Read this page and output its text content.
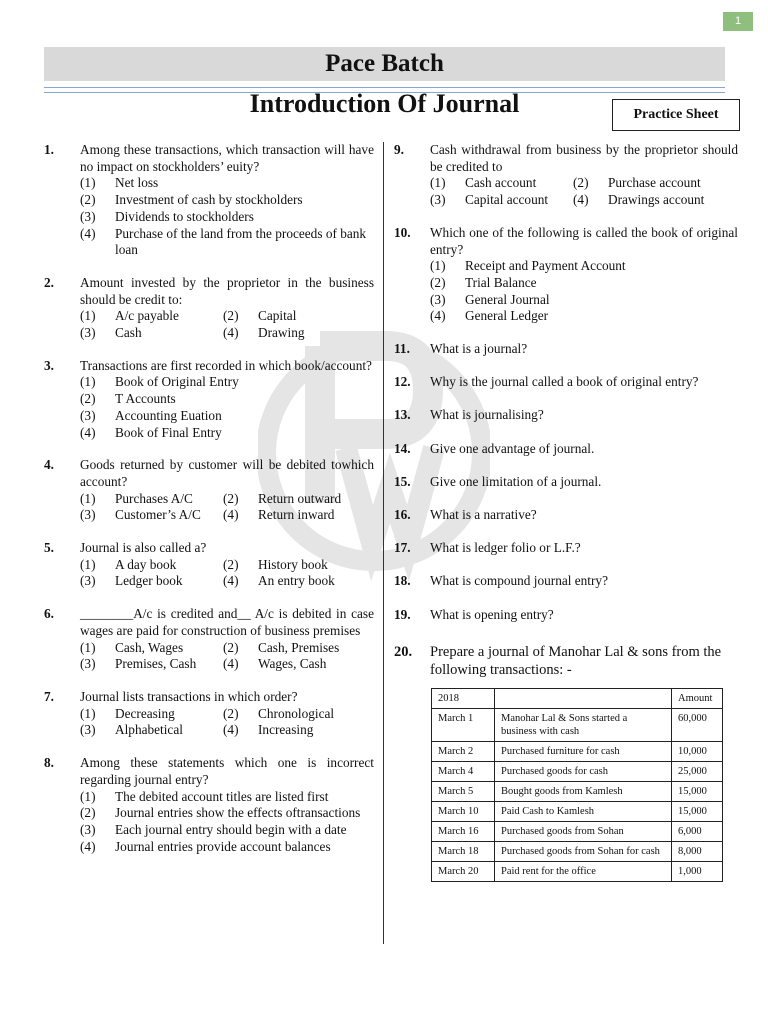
1
Pace Batch
Introduction Of Journal	Practice Sheet
1.	Among these transactions, which transaction will have no impact on stockholders’ euity?
(1)	Net loss
(2)	Investment of cash by stockholders
(3)	Dividends to stockholders
(4)	Purchase of the land from the proceeds of bank loan
2.	Amount invested by the proprietor in the business should be credit to:
(1)	A/c payable	(2)	Capital
(3)	Cash	(4)	Drawing
3.	Transactions are first recorded in which book/account?
(1)	Book of Original Entry
(2)	T Accounts
(3)	Accounting Euation
(4)	Book of Final Entry
4.	Goods returned by customer will be debited towhich account?
(1)	Purchases A/C	(2)	Return outward
(3)	Customer’s A/C	(4)	Return inward
5.	Journal is also called a?
(1)	A day book	(2)	History book
(3)	Ledger book	(4)	An entry book
6.	________A/c is credited and__ A/c is debited in case wages are paid for construction of business premises
(1)	Cash, Wages	(2)	Cash, Premises
(3)	Premises, Cash	(4)	Wages, Cash
7.	Journal lists transactions in which order?
(1)	Decreasing	(2)	Chronological
(3)	Alphabetical	(4)	Increasing
8.	Among these statements which one is incorrect regarding journal entry?
(1)	The debited account titles are listed first
(2)	Journal entries show the effects oftransactions
(3)	Each journal entry should begin with a date
(4)	Journal entries provide account balances
9.	Cash withdrawal from business by the proprietor should be credited to
(1)	Cash account	(2)	Purchase account
(3)	Capital account	(4)	Drawings account
10.	Which one of the following is called the book of original entry?
(1)	Receipt and Payment Account
(2)	Trial Balance
(3)	General Journal
(4)	General Ledger
11.	What is a journal?
12.	Why is the journal called a book of original entry?
13.	What is journalising?
14.	Give one advantage of journal.
15.	Give one limitation of a journal.
16.	What is a narrative?
17.	What is ledger folio or L.F.?
18.	What is compound journal entry?
19.	What is opening entry?
20.	Prepare a journal of Manohar Lal & sons from the following transactions: -
2018		Amount
March 1	Manohar Lal & Sons started a business with cash	60,000
March 2	Purchased furniture for cash	10,000
March 4	Purchased goods for cash	25,000
March 5	Bought goods from Kamlesh	15,000
March 10	Paid Cash to Kamlesh	15,000
March 16	Purchased goods from Sohan	6,000
March 18	Purchased goods from Sohan for cash	8,000
March 20	Paid rent for the office	1,000
